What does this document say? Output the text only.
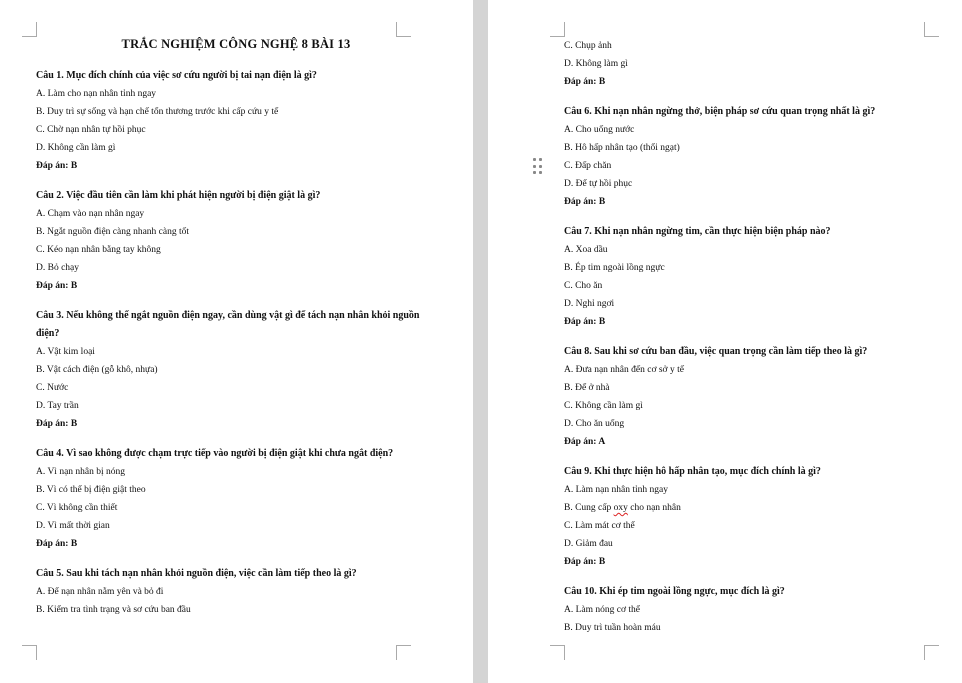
TRẮC NGHIỆM CÔNG NGHỆ 8 BÀI 13

Câu 1. Mục đích chính của việc sơ cứu người bị tai nạn điện là gì?

A. Làm cho nạn nhân tỉnh ngay

B. Duy trì sự sống và hạn chế tổn thương trước khi cấp cứu y tế

C. Chờ nạn nhân tự hồi phục

D. Không cần làm gì

Đáp án: B

Câu 2. Việc đầu tiên cần làm khi phát hiện người bị điện giật là gì?

A. Chạm vào nạn nhân ngay

B. Ngắt nguồn điện càng nhanh càng tốt

C. Kéo nạn nhân bằng tay không

D. Bỏ chạy

Đáp án: B

Câu 3. Nếu không thể ngắt nguồn điện ngay, cần dùng vật gì để tách nạn nhân khỏi nguồn điện?

A. Vật kim loại

B. Vật cách điện (gỗ khô, nhựa)

C. Nước

D. Tay trần

Đáp án: B

Câu 4. Vì sao không được chạm trực tiếp vào người bị điện giật khi chưa ngắt điện?

A. Vì nạn nhân bị nóng

B. Vì có thể bị điện giật theo

C. Vì không cần thiết

D. Vì mất thời gian

Đáp án: B

Câu 5. Sau khi tách nạn nhân khỏi nguồn điện, việc cần làm tiếp theo là gì?

A. Để nạn nhân nằm yên và bỏ đi

B. Kiểm tra tình trạng và sơ cứu ban đầu

C. Chụp ảnh

D. Không làm gì

Đáp án: B

Câu 6. Khi nạn nhân ngừng thở, biện pháp sơ cứu quan trọng nhất là gì?

A. Cho uống nước

B. Hô hấp nhân tạo (thổi ngạt)

C. Đấp chăn

D. Để tự hồi phục

Đáp án: B

Câu 7. Khi nạn nhân ngừng tim, cần thực hiện biện pháp nào?

A. Xoa dầu

B. Ép tim ngoài lồng ngực

C. Cho ăn

D. Nghỉ ngơi

Đáp án: B

Câu 8. Sau khi sơ cứu ban đầu, việc quan trọng cần làm tiếp theo là gì?

A. Đưa nạn nhân đến cơ sở y tế

B. Để ở nhà

C. Không cần làm gì

D. Cho ăn uống

Đáp án: A

Câu 9. Khi thực hiện hô hấp nhân tạo, mục đích chính là gì?

A. Làm nạn nhân tỉnh ngay

B. Cung cấp oxy cho nạn nhân

C. Làm mát cơ thể

D. Giảm đau

Đáp án: B

Câu 10. Khi ép tim ngoài lồng ngực, mục đích là gì?

A. Làm nóng cơ thể

B. Duy trì tuần hoàn máu
